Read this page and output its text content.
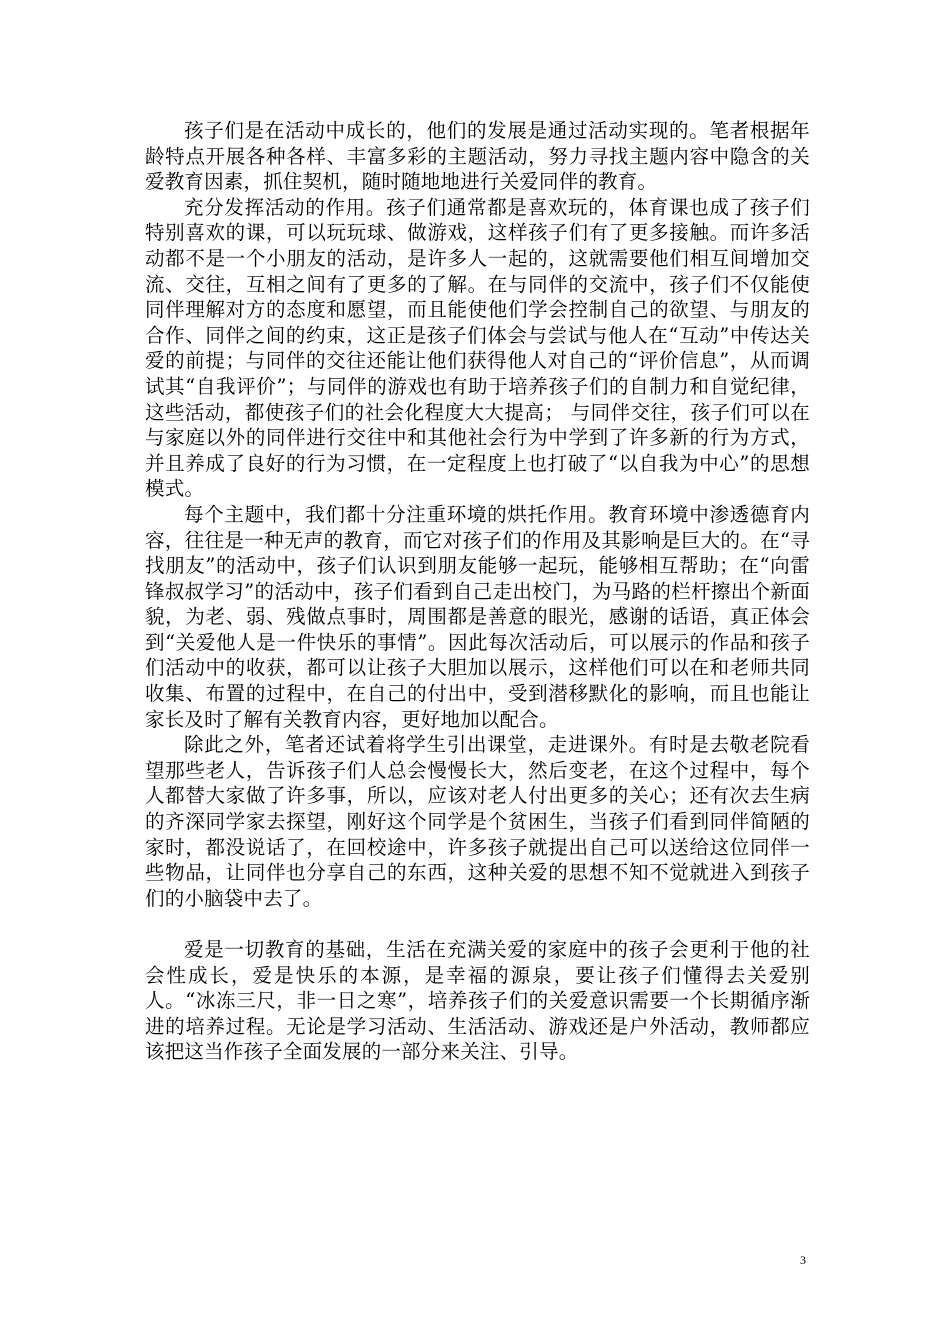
孩子们是在活动中成长的，他们的发展是通过活动实现的。笔者根据年龄特点开展各种各样、丰富多彩的主题活动，努力寻找主题内容中隐含的关爱教育因素，抓住契机，随时随地地进行关爱同伴的教育。

充分发挥活动的作用。孩子们通常都是喜欢玩的，体育课也成了孩子们特别喜欢的课，可以玩玩球、做游戏，这样孩子们有了更多接触。而许多活动都不是一个小朋友的活动，是许多人一起的，这就需要他们相互间增加交流、交往，互相之间有了更多的了解。在与同伴的交流中，孩子们不仅能使同伴理解对方的态度和愿望，而且能使他们学会控制自己的欲望、与朋友的合作、同伴之间的约束，这正是孩子们体会与尝试与他人在“互动”中传达关爱的前提；与同伴的交往还能让他们获得他人对自己的“评价信息”，从而调试其“自我评价”；与同伴的游戏也有助于培养孩子们的自制力和自觉纪律，这些活动，都使孩子们的社会化程度大大提高； 与同伴交往，孩子们可以在与家庭以外的同伴进行交往中和其他社会行为中学到了许多新的行为方式，并且养成了良好的行为习惯，在一定程度上也打破了“以自我为中心”的思想模式。

每个主题中，我们都十分注重环境的烘托作用。教育环境中渗透德育内容，往往是一种无声的教育，而它对孩子们的作用及其影响是巨大的。在“寻找朋友”的活动中，孩子们认识到朋友能够一起玩，能够相互帮助；在“向雷锋叔叔学习”的活动中，孩子们看到自己走出校门，为马路的栏杆擦出个新面貌，为老、弱、残做点事时，周围都是善意的眼光，感谢的话语，真正体会到“关爱他人是一件快乐的事情”。因此每次活动后，可以展示的作品和孩子们活动中的收获，都可以让孩子大胆加以展示，这样他们可以在和老师共同收集、布置的过程中，在自己的付出中，受到潜移默化的影响，而且也能让家长及时了解有关教育内容，更好地加以配合。

除此之外，笔者还试着将学生引出课堂，走进课外。有时是去敬老院看望那些老人，告诉孩子们人总会慢慢长大，然后变老，在这个过程中，每个人都替大家做了许多事，所以，应该对老人付出更多的关心；还有次去生病的齐深同学家去探望，刚好这个同学是个贫困生，当孩子们看到同伴简陋的家时，都没说话了，在回校途中，许多孩子就提出自己可以送给这位同伴一些物品，让同伴也分享自己的东西，这种关爱的思想不知不觉就进入到孩子们的小脑袋中去了。

爱是一切教育的基础，生活在充满关爱的家庭中的孩子会更利于他的社会性成长，爱是快乐的本源，是幸福的源泉，要让孩子们懂得去关爱别人。“冰冻三尺，非一日之寒”，培养孩子们的关爱意识需要一个长期循序渐进的培养过程。无论是学习活动、生活活动、游戏还是户外活动，教师都应该把这当作孩子全面发展的一部分来关注、引导。

3
